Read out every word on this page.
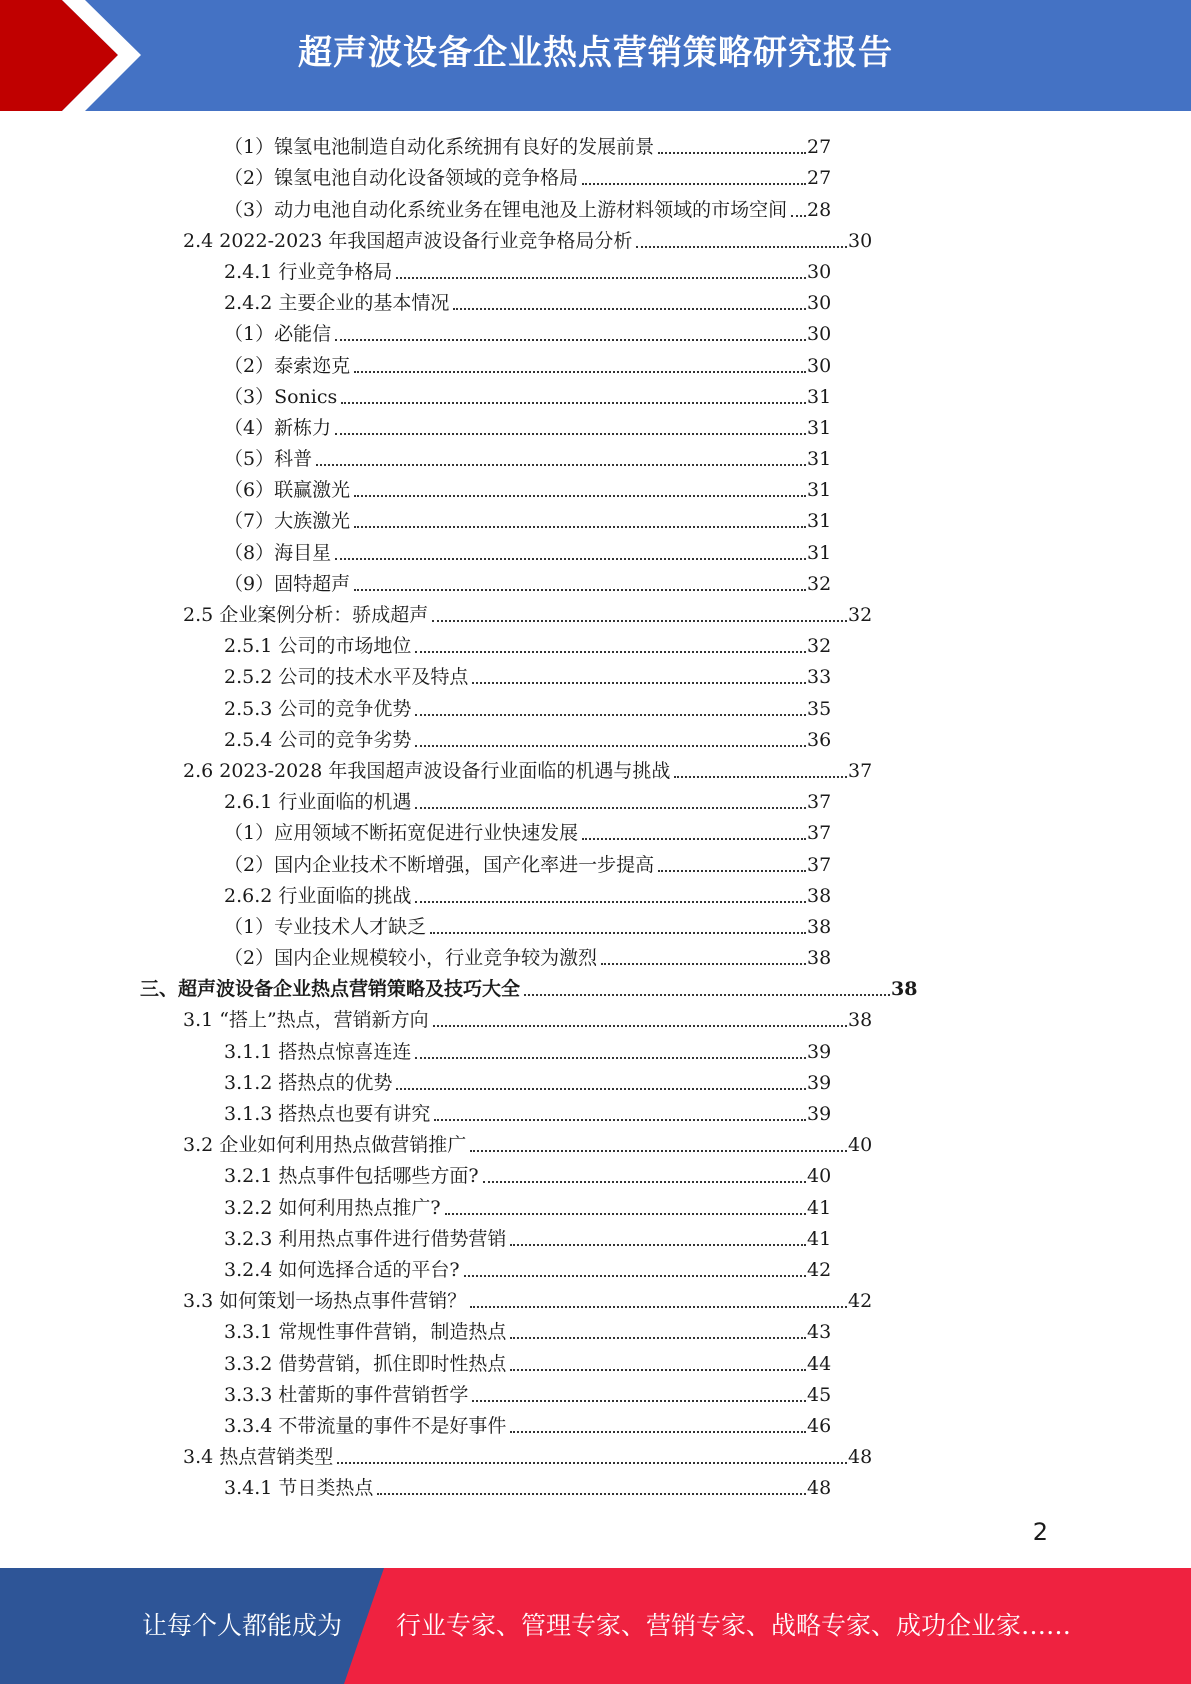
超声波设备企业热点营销策略研究报告
（1）镍氢电池制造自动化系统拥有良好的发展前景	27
（2）镍氢电池自动化设备领域的竞争格局	27
（3）动力电池自动化系统业务在锂电池及上游材料领域的市场空间 28
2.4 2022-2023 年我国超声波设备行业竞争格局分析	30
2.4.1 行业竞争格局	30
2.4.2 主要企业的基本情况	30
（1）必能信	30
（2）泰索迩克	30
（3）Sonics	31
（4）新栋力	31
（5）科普	31
（6）联赢激光	31
（7）大族激光	31
（8）海目星	31
（9）固特超声	32
2.5 企业案例分析：骄成超声	32
2.5.1 公司的市场地位	32
2.5.2 公司的技术水平及特点	33
2.5.3 公司的竞争优势	35
2.5.4 公司的竞争劣势	36
2.6 2023-2028 年我国超声波设备行业面临的机遇与挑战	37
2.6.1 行业面临的机遇	37
（1）应用领域不断拓宽促进行业快速发展	37
（2）国内企业技术不断增强，国产化率进一步提高	37
2.6.2 行业面临的挑战	38
（1）专业技术人才缺乏	38
（2）国内企业规模较小，行业竞争较为激烈	38
三、超声波设备企业热点营销策略及技巧大全	38
3.1 “搭上”热点，营销新方向	38
3.1.1 搭热点惊喜连连	39
3.1.2 搭热点的优势	39
3.1.3 搭热点也要有讲究	39
3.2 企业如何利用热点做营销推广	40
3.2.1 热点事件包括哪些方面?	40
3.2.2 如何利用热点推广?	41
3.2.3 利用热点事件进行借势营销	41
3.2.4 如何选择合适的平台?	42
3.3 如何策划一场热点事件营销？	42
3.3.1 常规性事件营销，制造热点	43
3.3.2 借势营销，抓住即时性热点	44
3.3.3 杜蕾斯的事件营销哲学	45
3.3.4 不带流量的事件不是好事件	46
3.4 热点营销类型	48
3.4.1 节日类热点	48
2
让每个人都能成为 行业专家、管理专家、营销专家、战略专家、成功企业家……
